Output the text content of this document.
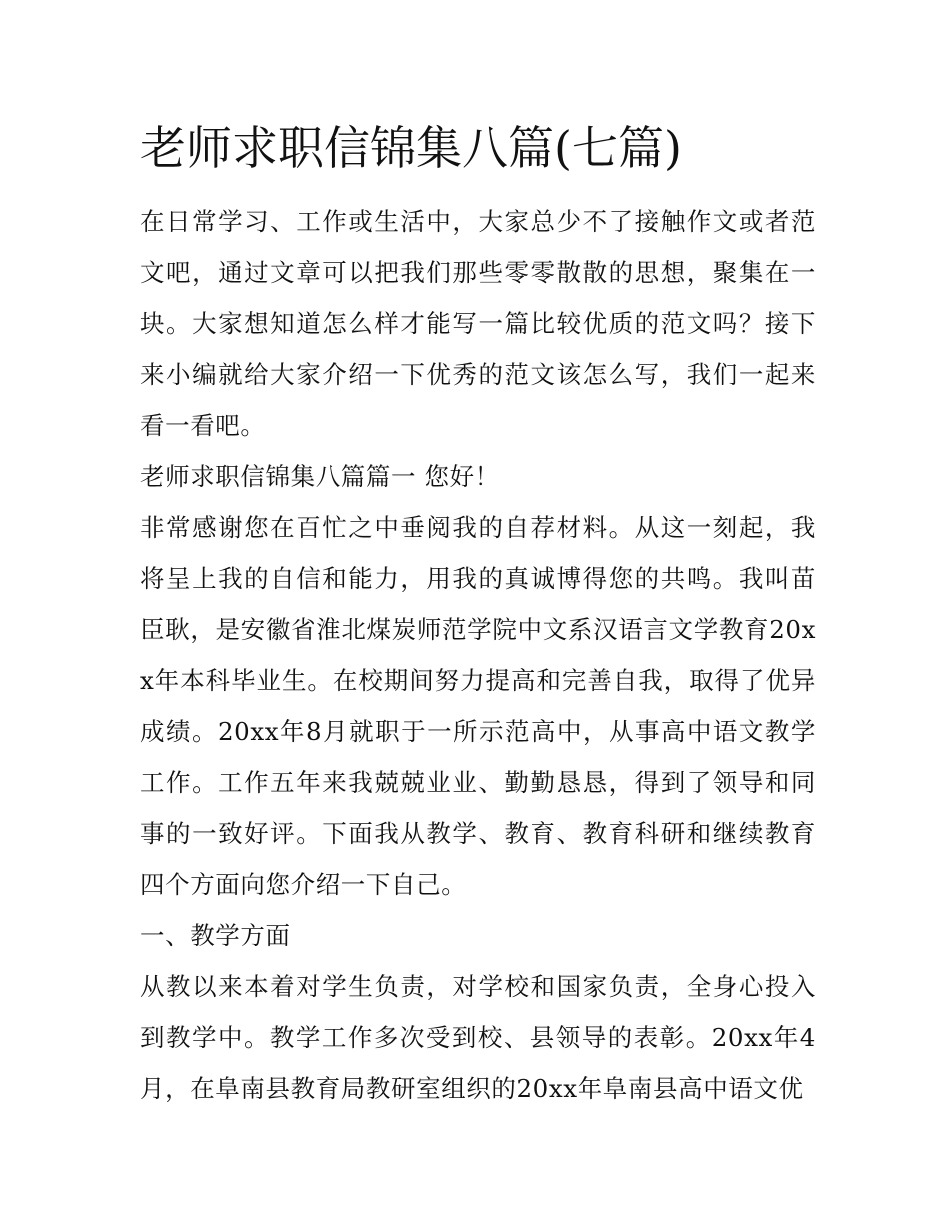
老师求职信锦集八篇(七篇)

在日常学习、工作或生活中，大家总少不了接触作文或者范文吧，通过文章可以把我们那些零零散散的思想，聚集在一块。大家想知道怎么样才能写一篇比较优质的范文吗？接下来小编就给大家介绍一下优秀的范文该怎么写，我们一起来看一看吧。

老师求职信锦集八篇篇一 您好！

非常感谢您在百忙之中垂阅我的自荐材料。从这一刻起，我将呈上我的自信和能力，用我的真诚博得您的共鸣。我叫苗臣耿，是安徽省淮北煤炭师范学院中文系汉语言文学教育20xx年本科毕业生。在校期间努力提高和完善自我，取得了优异成绩。20xx年8月就职于一所示范高中，从事高中语文教学工作。工作五年来我兢兢业业、勤勤恳恳，得到了领导和同事的一致好评。下面我从教学、教育、教育科研和继续教育四个方面向您介绍一下自己。

一、教学方面

从教以来本着对学生负责，对学校和国家负责，全身心投入到教学中。教学工作多次受到校、县领导的表彰。20xx年4月，在阜南县教育局教研室组织的20xx年阜南县高中语文优
